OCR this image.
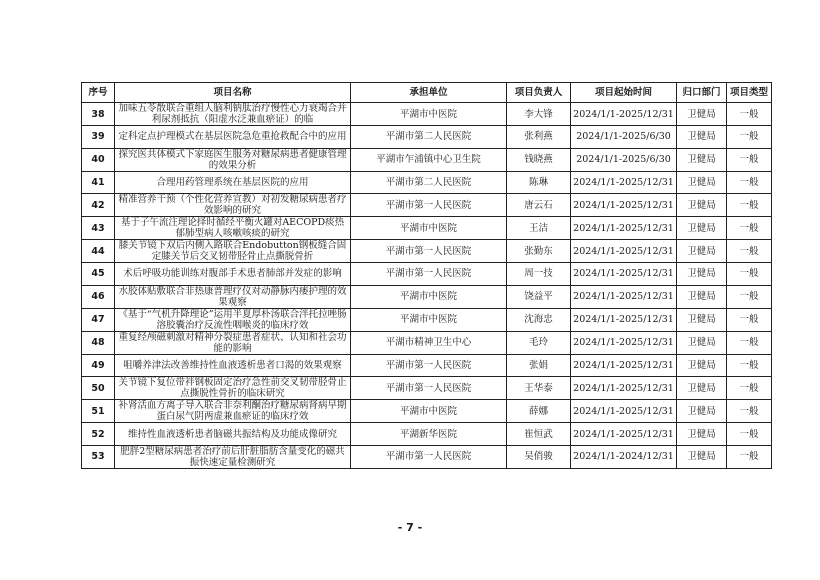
序号	项目名称	承担单位	项目负责人	项目起始时间	归口部门	项目类型
38	加味五苓散联合重组人脑利钠肽治疗慢性心力衰竭合并利尿剂抵抗（阳虚水泛兼血瘀证）的临	平湖市中医院	李大锋	2024/1/1-2025/12/31	卫健局	一般
39	定科定点护理模式在基层医院急危重抢救配合中的应用	平湖市第二人民医院	张利燕	2024/1/1-2025/6/30	卫健局	一般
40	探究医共体模式下家庭医生服务对糖尿病患者健康管理的效果分析	平湖市乍浦镇中心卫生院	钱晓燕	2024/1/1-2025/6/30	卫健局	一般
41	合理用药管理系统在基层医院的应用	平湖市第二人民医院	陈琳	2024/1/1-2025/12/31	卫健局	一般
42	精准营养干预（个性化营养宣教）对初发糖尿病患者疗效影响的研究	平湖市第一人民医院	唐云石	2024/1/1-2025/12/31	卫健局	一般
43	基于子午流注理论择时循经平衡火罐对AECOPD痰热郁肺型病人咳嗽咳痰的研究	平湖市中医院	王洁	2024/1/1-2025/12/31	卫健局	一般
44	膝关节镜下双后内侧入路联合Endobutton钢板缝合固定膝关节后交叉韧带胫骨止点撕脱骨折	平湖市第一人民医院	张勤东	2024/1/1-2025/12/31	卫健局	一般
45	术后呼吸功能训练对腹部手术患者肺部并发症的影响	平湖市第一人民医院	周一技	2024/1/1-2025/12/31	卫健局	一般
46	水胶体贴敷联合非热康普理疗仪对动静脉内瘘护理的效果观察	平湖市中医院	饶益平	2024/1/1-2025/12/31	卫健局	一般
47	《基于“气机升降理论”运用半夏厚朴汤联合泮托拉唑肠溶胶囊治疗反流性咽喉炎的临床疗效	平湖市中医院	沈海忠	2024/1/1-2025/12/31	卫健局	一般
48	重复经颅磁刺激对精神分裂症患者症状、认知和社会功能的影响	平湖市精神卫生中心	毛玲	2024/1/1-2025/12/31	卫健局	一般
49	咀嚼养津法改善维持性血液透析患者口渴的效果观察	平湖市第一人民医院	张娟	2024/1/1-2025/12/31	卫健局	一般
50	关节镜下复位带袢钢板固定治疗急性前交叉韧带胫骨止点撕脱性骨折的临床研究	平湖市第一人民医院	王华泰	2024/1/1-2025/12/31	卫健局	一般
51	补肾活血方离子导入联合非奈利酮治疗糖尿病肾病早期蛋白尿气阴两虚兼血瘀证的临床疗效	平湖市中医院	薛娜	2024/1/1-2025/12/31	卫健局	一般
52	维持性血液透析患者脑磁共振结构及功能成像研究	平湖新华医院	崔恒武	2024/1/1-2025/12/31	卫健局	一般
53	肥胖2型糖尿病患者治疗前后肝脏脂肪含量变化的磁共振快速定量检测研究	平湖市第一人民医院	吴俏骏	2024/1/1-2024/12/31	卫健局	一般
- 7 -
